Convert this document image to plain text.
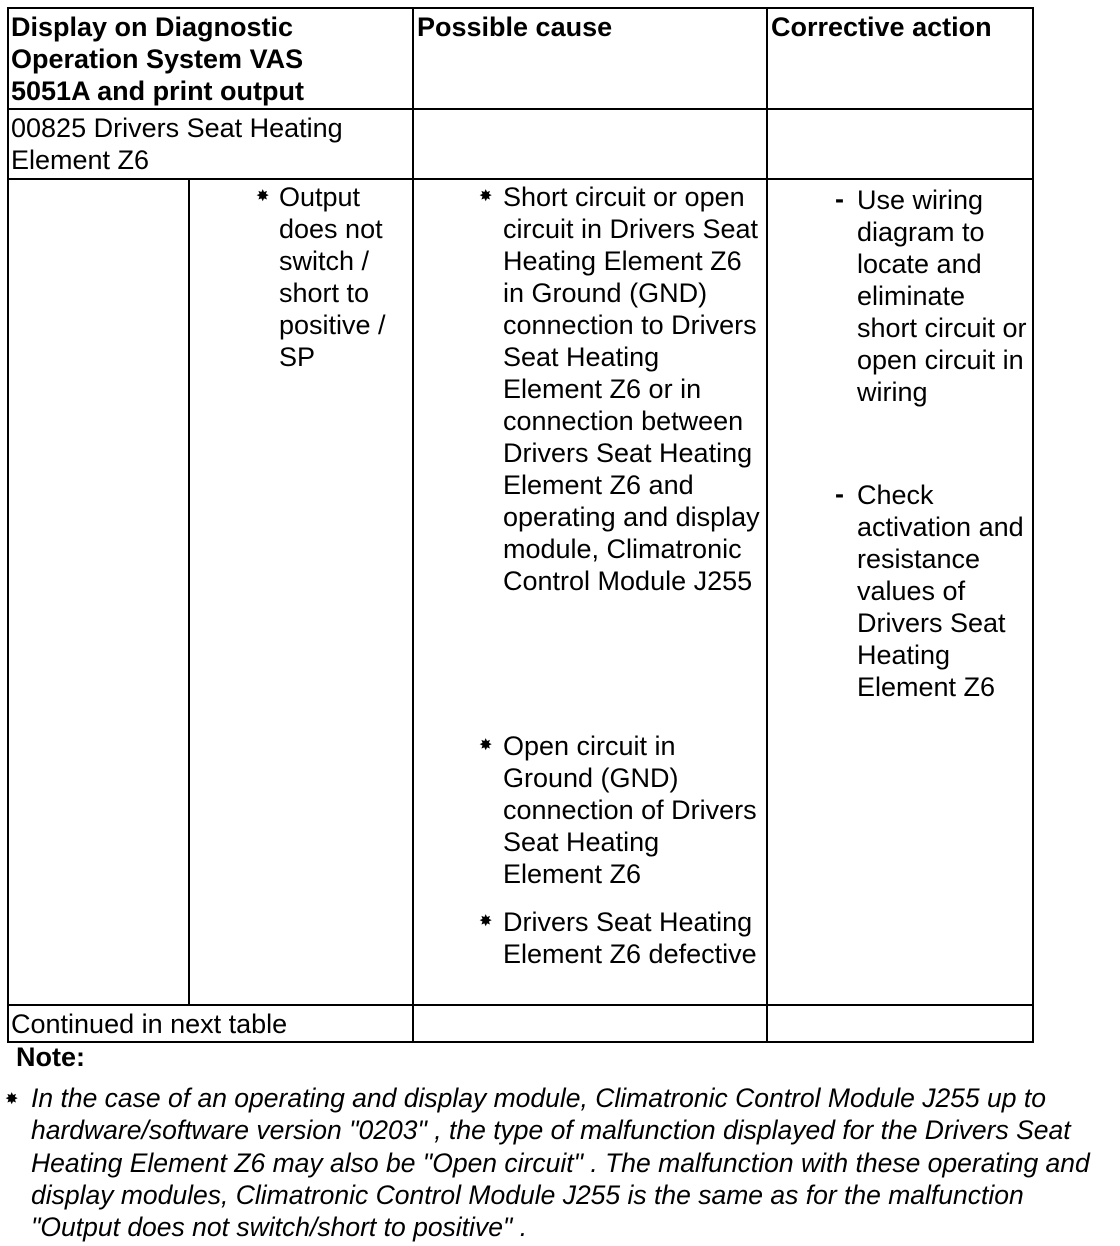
Display on Diagnostic Operation System VAS 5051A and print output
Possible cause	Corrective action
00825 Drivers Seat Heating Element Z6
✸ Output does not switch / short to positive / SP
✸ Short circuit or open circuit in Drivers Seat Heating Element Z6 in Ground (GND) connection to Drivers Seat Heating Element Z6 or in connection between Drivers Seat Heating Element Z6 and operating and display module, Climatronic Control Module J255
✸ Open circuit in Ground (GND) connection of Drivers Seat Heating Element Z6
✸ Drivers Seat Heating Element Z6 defective
- Use wiring diagram to locate and eliminate short circuit or open circuit in wiring
- Check activation and resistance values of Drivers Seat Heating Element Z6
Continued in next table
Note:
✸ In the case of an operating and display module, Climatronic Control Module J255 up to hardware/software version "0203" , the type of malfunction displayed for the Drivers Seat Heating Element Z6 may also be "Open circuit" . The malfunction with these operating and display modules, Climatronic Control Module J255 is the same as for the malfunction "Output does not switch/short to positive" .
